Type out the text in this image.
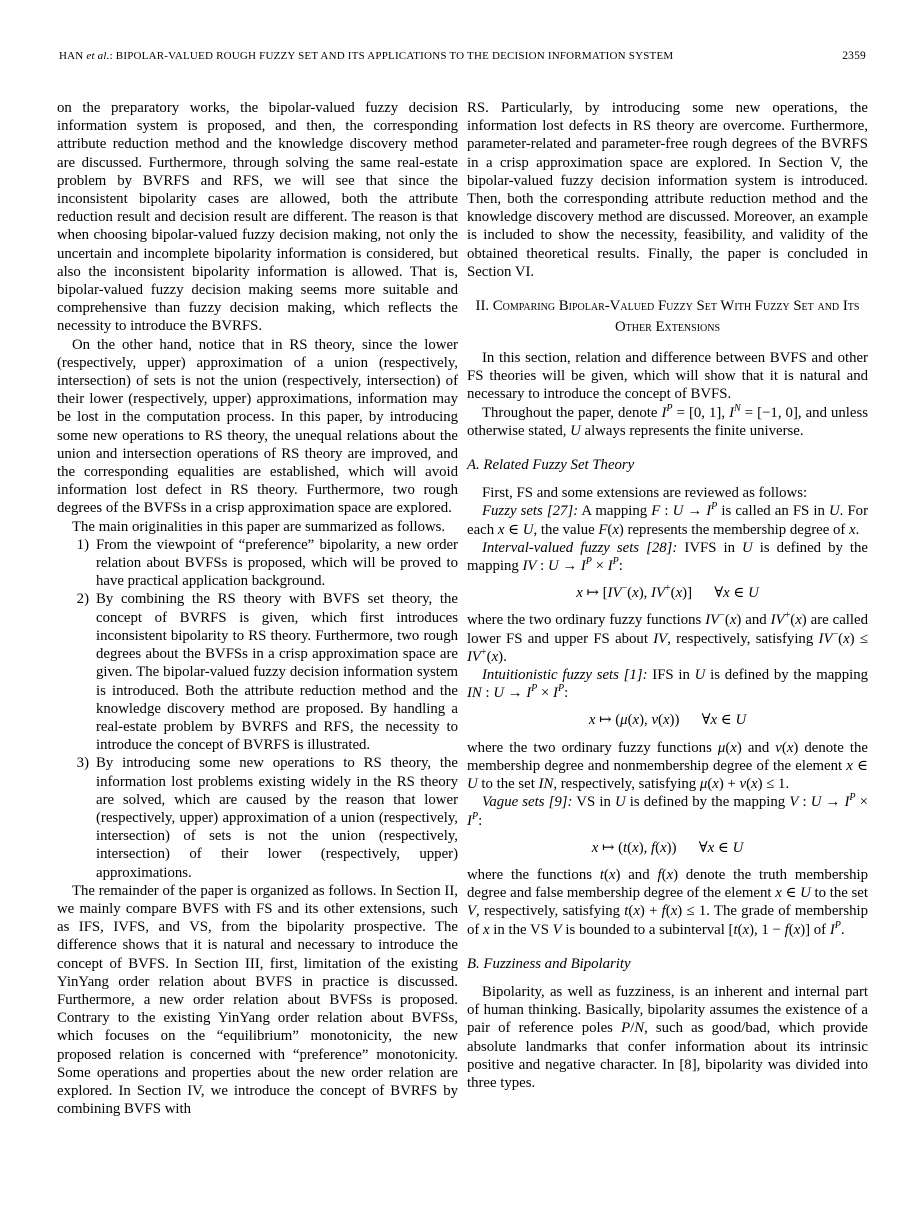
HAN et al.: BIPOLAR-VALUED ROUGH FUZZY SET AND ITS APPLICATIONS TO THE DECISION INFORMATION SYSTEM	2359

on the preparatory works, the bipolar-valued fuzzy decision information system is proposed, and then, the corresponding attribute reduction method and the knowledge discovery method are discussed. Furthermore, through solving the same real-estate problem by BVRFS and RFS, we will see that since the inconsistent bipolarity cases are allowed, both the attribute reduction result and decision result are different. The reason is that when choosing bipolar-valued fuzzy decision making, not only the uncertain and incomplete bipolarity information is considered, but also the inconsistent bipolarity information is allowed. That is, bipolar-valued fuzzy decision making seems more suitable and comprehensive than fuzzy decision making, which reflects the necessity to introduce the BVRFS.

On the other hand, notice that in RS theory, since the lower (respectively, upper) approximation of a union (respectively, intersection) of sets is not the union (respectively, intersection) of their lower (respectively, upper) approximations, information may be lost in the computation process. In this paper, by introducing some new operations to RS theory, the unequal relations about the union and intersection operations of RS theory are improved, and the corresponding equalities are established, which will avoid information lost defect in RS theory. Furthermore, two rough degrees of the BVFSs in a crisp approximation space are explored.

The main originalities in this paper are summarized as follows.

1) From the viewpoint of “preference” bipolarity, a new order relation about BVFSs is proposed, which will be proved to have practical application background.
2) By combining the RS theory with BVFS set theory, the concept of BVRFS is given, which first introduces inconsistent bipolarity to RS theory. Furthermore, two rough degrees about the BVFSs in a crisp approximation space are given. The bipolar-valued fuzzy decision information system is introduced. Both the attribute reduction method and the knowledge discovery method are proposed. By handling a real-estate problem by BVRFS and RFS, the necessity to introduce the concept of BVRFS is illustrated.
3) By introducing some new operations to RS theory, the information lost problems existing widely in the RS theory are solved, which are caused by the reason that lower (respectively, upper) approximation of a union (respectively, intersection) of sets is not the union (respectively, intersection) of their lower (respectively, upper) approximations.

The remainder of the paper is organized as follows. In Section II, we mainly compare BVFS with FS and its other extensions, such as IFS, IVFS, and VS, from the bipolarity prospective. The difference shows that it is natural and necessary to introduce the concept of BVFS. In Section III, first, limitation of the existing YinYang order relation about BVFS in practice is discussed. Furthermore, a new order relation about BVFSs is proposed. Contrary to the existing YinYang order relation about BVFSs, which focuses on the “equilibrium” monotonicity, the new proposed relation is concerned with “preference” monotonicity. Some operations and properties about the new order relation are explored. In Section IV, we introduce the concept of BVRFS by combining BVFS with

RS. Particularly, by introducing some new operations, the information lost defects in RS theory are overcome. Furthermore, parameter-related and parameter-free rough degrees of the BVRFS in a crisp approximation space are explored. In Section V, the bipolar-valued fuzzy decision information system is introduced. Then, both the corresponding attribute reduction method and the knowledge discovery method are discussed. Moreover, an example is included to show the necessity, feasibility, and validity of the obtained theoretical results. Finally, the paper is concluded in Section VI.

II. Comparing Bipolar-Valued Fuzzy Set With Fuzzy Set and Its Other Extensions

In this section, relation and difference between BVFS and other FS theories will be given, which will show that it is natural and necessary to introduce the concept of BVFS.

Throughout the paper, denote $I^P = [0$, 1], $I^N = [-1$, 0], and unless otherwise stated, U always represents the finite universe.

A. Related Fuzzy Set Theory

First, FS and some extensions are reviewed as follows:

Fuzzy sets [27]: A mapping F : $U \to I^P$ is called an FS in U. For each x ∈ U, the value F(x) represents the membership degree of x.

Interval-valued fuzzy sets [28]: IVFS in U is defined by the mapping IV : $U \to I^P \times I^P$:

x ↦ [IV−(x), IV+(x)]  ∀x ∈ U

where the two ordinary fuzzy functions IV−(x) and IV+(x) are called lower FS and upper FS about IV, respectively, satisfying IV−(x) ≤ IV+(x).

Intuitionistic fuzzy sets [1]: IFS in U is defined by the mapping IN : $U \to I^P \times I^P$:

x ↦ (μ(x), ν(x))  ∀x ∈ U

where the two ordinary fuzzy functions μ(x) and ν(x) denote the membership degree and nonmembership degree of the element x ∈ U to the set IN, respectively, satisfying μ(x) + ν(x) ≤ 1.

Vague sets [9]: VS in U is defined by the mapping V : $U \to I^P \times I^P$:

x ↦ (t(x), f(x))  ∀x ∈ U

where the functions t(x) and f(x) denote the truth membership degree and false membership degree of the element x ∈ U to the set V, respectively, satisfying t(x) + f(x) ≤ 1. The grade of membership of x in the VS V is bounded to a subinterval [t(x), 1 − f(x)] of $I^P$.

B. Fuzziness and Bipolarity

Bipolarity, as well as fuzziness, is an inherent and internal part of human thinking. Basically, bipolarity assumes the existence of a pair of reference poles P/N, such as good/bad, which provide absolute landmarks that confer information about its intrinsic positive and negative character. In [8], bipolarity was divided into three types.
